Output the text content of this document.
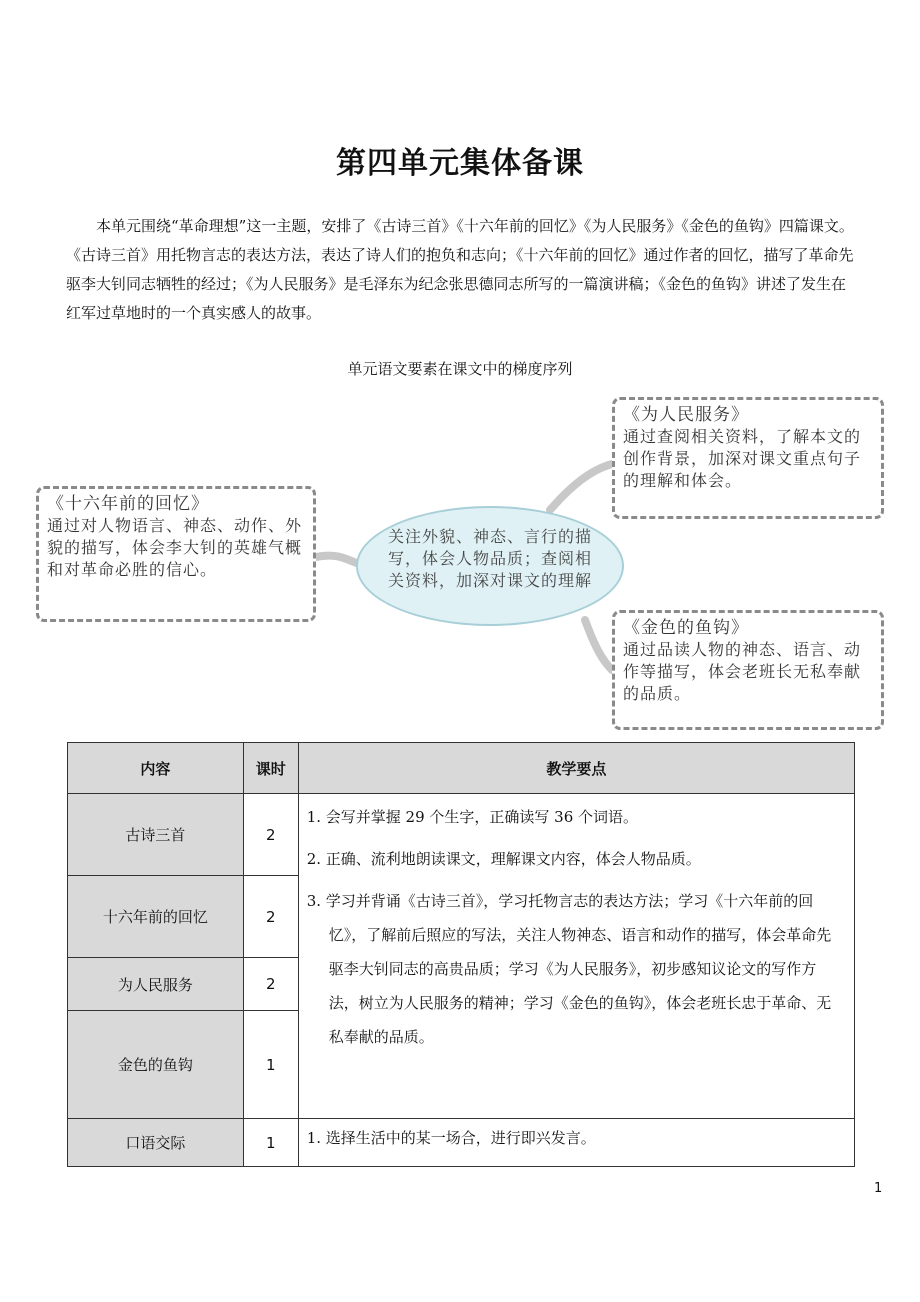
第四单元集体备课

本单元围绕“革命理想”这一主题，安排了《古诗三首》《十六年前的回忆》《为人民服务》《金色的鱼钩》四篇课文。《古诗三首》用托物言志的表达方法，表达了诗人们的抱负和志向；《十六年前的回忆》通过作者的回忆，描写了革命先驱李大钊同志牺牲的经过；《为人民服务》是毛泽东为纪念张思德同志所写的一篇演讲稿；《金色的鱼钩》讲述了发生在红军过草地时的一个真实感人的故事。

单元语文要素在课文中的梯度序列
《十六年前的回忆》
通过对人物语言、神态、动作、外貌的描写，体会李大钊的英雄气概和对革命必胜的信心。
《为人民服务》
通过查阅相关资料，了解本文的创作背景，加深对课文重点句子的理解和体会。
《金色的鱼钩》
通过品读人物的神态、语言、动作等描写，体会老班长无私奉献的品质。
关注外貌、神态、言行的描写，体会人物品质；查阅相关资料，加深对课文的理解
内容	课时	教学要点
古诗三首	2	1. 会写并掌握 29 个生字，正确读写 36 个词语。

2. 正确、流利地朗读课文，理解课文内容，体会人物品质。

3. 学习并背诵《古诗三首》，学习托物言志的表达方法；学习《十六年前的回忆》，了解前后照应的写法，关注人物神态、语言和动作的描写，体会革命先驱李大钊同志的高贵品质；学习《为人民服务》，初步感知议论文的写作方法，树立为人民服务的精神；学习《金色的鱼钩》，体会老班长忠于革命、无私奉献的品质。

十六年前的回忆	2	
为人民服务	2	
金色的鱼钩	1	
口语交际	1	1. 选择生活中的某一场合，进行即兴发言。

1
